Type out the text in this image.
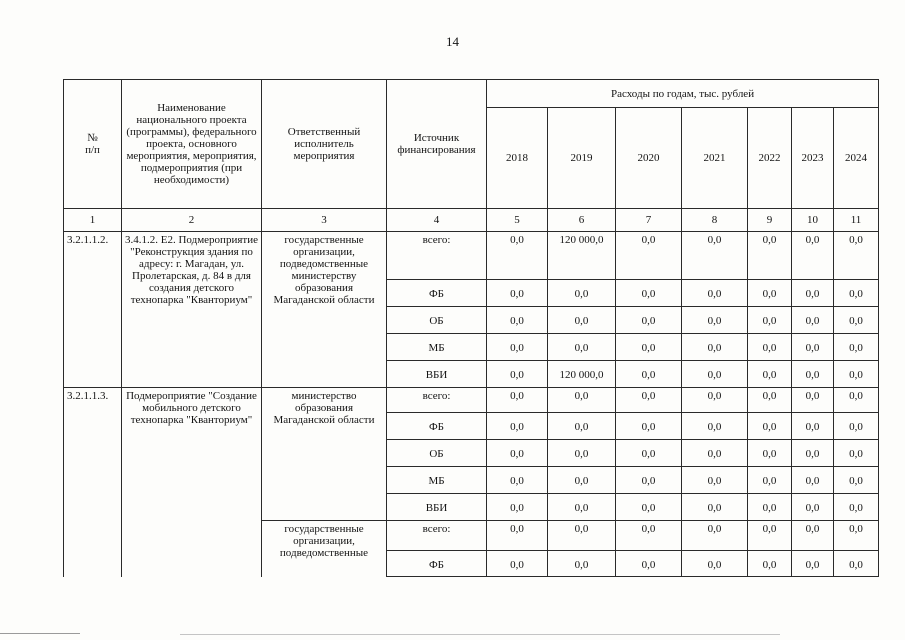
14
№
п/п	Наименование национального проекта (программы), федерального проекта, основного мероприятия, мероприятия, подмероприятия (при необходимости)	Ответственный исполнитель мероприятия	Источник финансирования	Расходы по годам, тыс. рублей						
				2018	2019	2020	2021	2022	2023	2024
1	2	3	4	5	6	7	8	9	10	11
3.2.1.1.2.	3.4.1.2. Е2. Подмероприятие "Реконструкция здания по адресу: г. Магадан, ул. Пролетарская, д. 84 в для создания детского технопарка "Кванториум"	государственные организации, подведомственные министерству образования Магаданской области	всего:	0,0	120 000,0	0,0	0,0	0,0	0,0	0,0
			ФБ	0,0	0,0	0,0	0,0	0,0	0,0	0,0
			ОБ	0,0	0,0	0,0	0,0	0,0	0,0	0,0
			МБ	0,0	0,0	0,0	0,0	0,0	0,0	0,0
			ВБИ	0,0	120 000,0	0,0	0,0	0,0	0,0	0,0
3.2.1.1.3.	Подмероприятие "Создание мобильного детского технопарка "Кванториум"	министерство образования Магаданской области	всего:	0,0	0,0	0,0	0,0	0,0	0,0	0,0
			ФБ	0,0	0,0	0,0	0,0	0,0	0,0	0,0
			ОБ	0,0	0,0	0,0	0,0	0,0	0,0	0,0
			МБ	0,0	0,0	0,0	0,0	0,0	0,0	0,0
			ВБИ	0,0	0,0	0,0	0,0	0,0	0,0	0,0
		государственные организации, подведомственные	всего:	0,0	0,0	0,0	0,0	0,0	0,0	0,0
			ФБ	0,0	0,0	0,0	0,0	0,0	0,0	0,0
